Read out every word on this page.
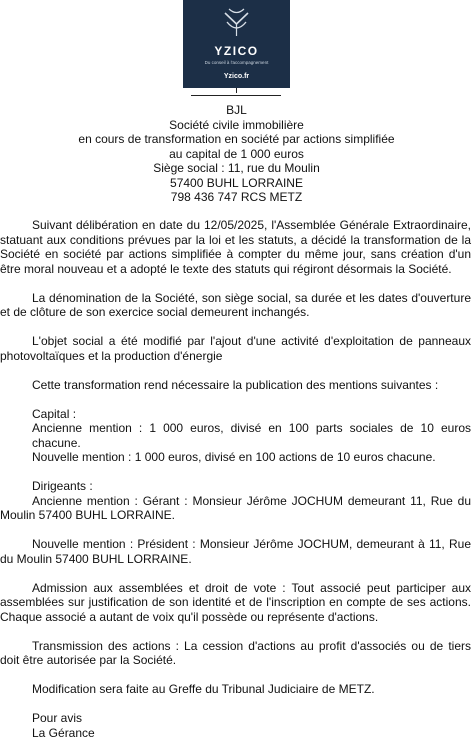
YZICO
Du conseil à l'accompagnement
Yzico.fr
BJL
Société civile immobilière
en cours de transformation en société par actions simplifiée
au capital de 1 000 euros
Siège social : 11, rue du Moulin
57400 BUHL LORRAINE
798 436 747 RCS METZ

Suivant délibération en date du 12/05/2025, l'Assemblée Générale Extraordinaire, statuant aux conditions prévues par la loi et les statuts, a décidé la transformation de la Société en société par actions simplifiée à compter du même jour, sans création d'un être moral nouveau et a adopté le texte des statuts qui régiront désormais la Société.

La dénomination de la Société, son siège social, sa durée et les dates d'ouverture et de clôture de son exercice social demeurent inchangés.

L'objet social a été modifié par l'ajout d'une activité d'exploitation de panneaux photovoltaïques et la production d'énergie

Cette transformation rend nécessaire la publication des mentions suivantes :

Capital :

Ancienne mention : 1 000 euros, divisé en 100 parts sociales de 10 euros chacune.

Nouvelle mention : 1 000 euros, divisé en 100 actions de 10 euros chacune.

Dirigeants :

Ancienne mention : Gérant : Monsieur Jérôme JOCHUM demeurant 11, Rue du Moulin 57400 BUHL LORRAINE.

Nouvelle mention : Président : Monsieur Jérôme JOCHUM, demeurant à 11, Rue du Moulin 57400 BUHL LORRAINE.

Admission aux assemblées et droit de vote : Tout associé peut participer aux assemblées sur justification de son identité et de l'inscription en compte de ses actions. Chaque associé a autant de voix qu'il possède ou représente d'actions.

Transmission des actions : La cession d'actions au profit d'associés ou de tiers doit être autorisée par la Société.

Modification sera faite au Greffe du Tribunal Judiciaire de METZ.

Pour avis

La Gérance
